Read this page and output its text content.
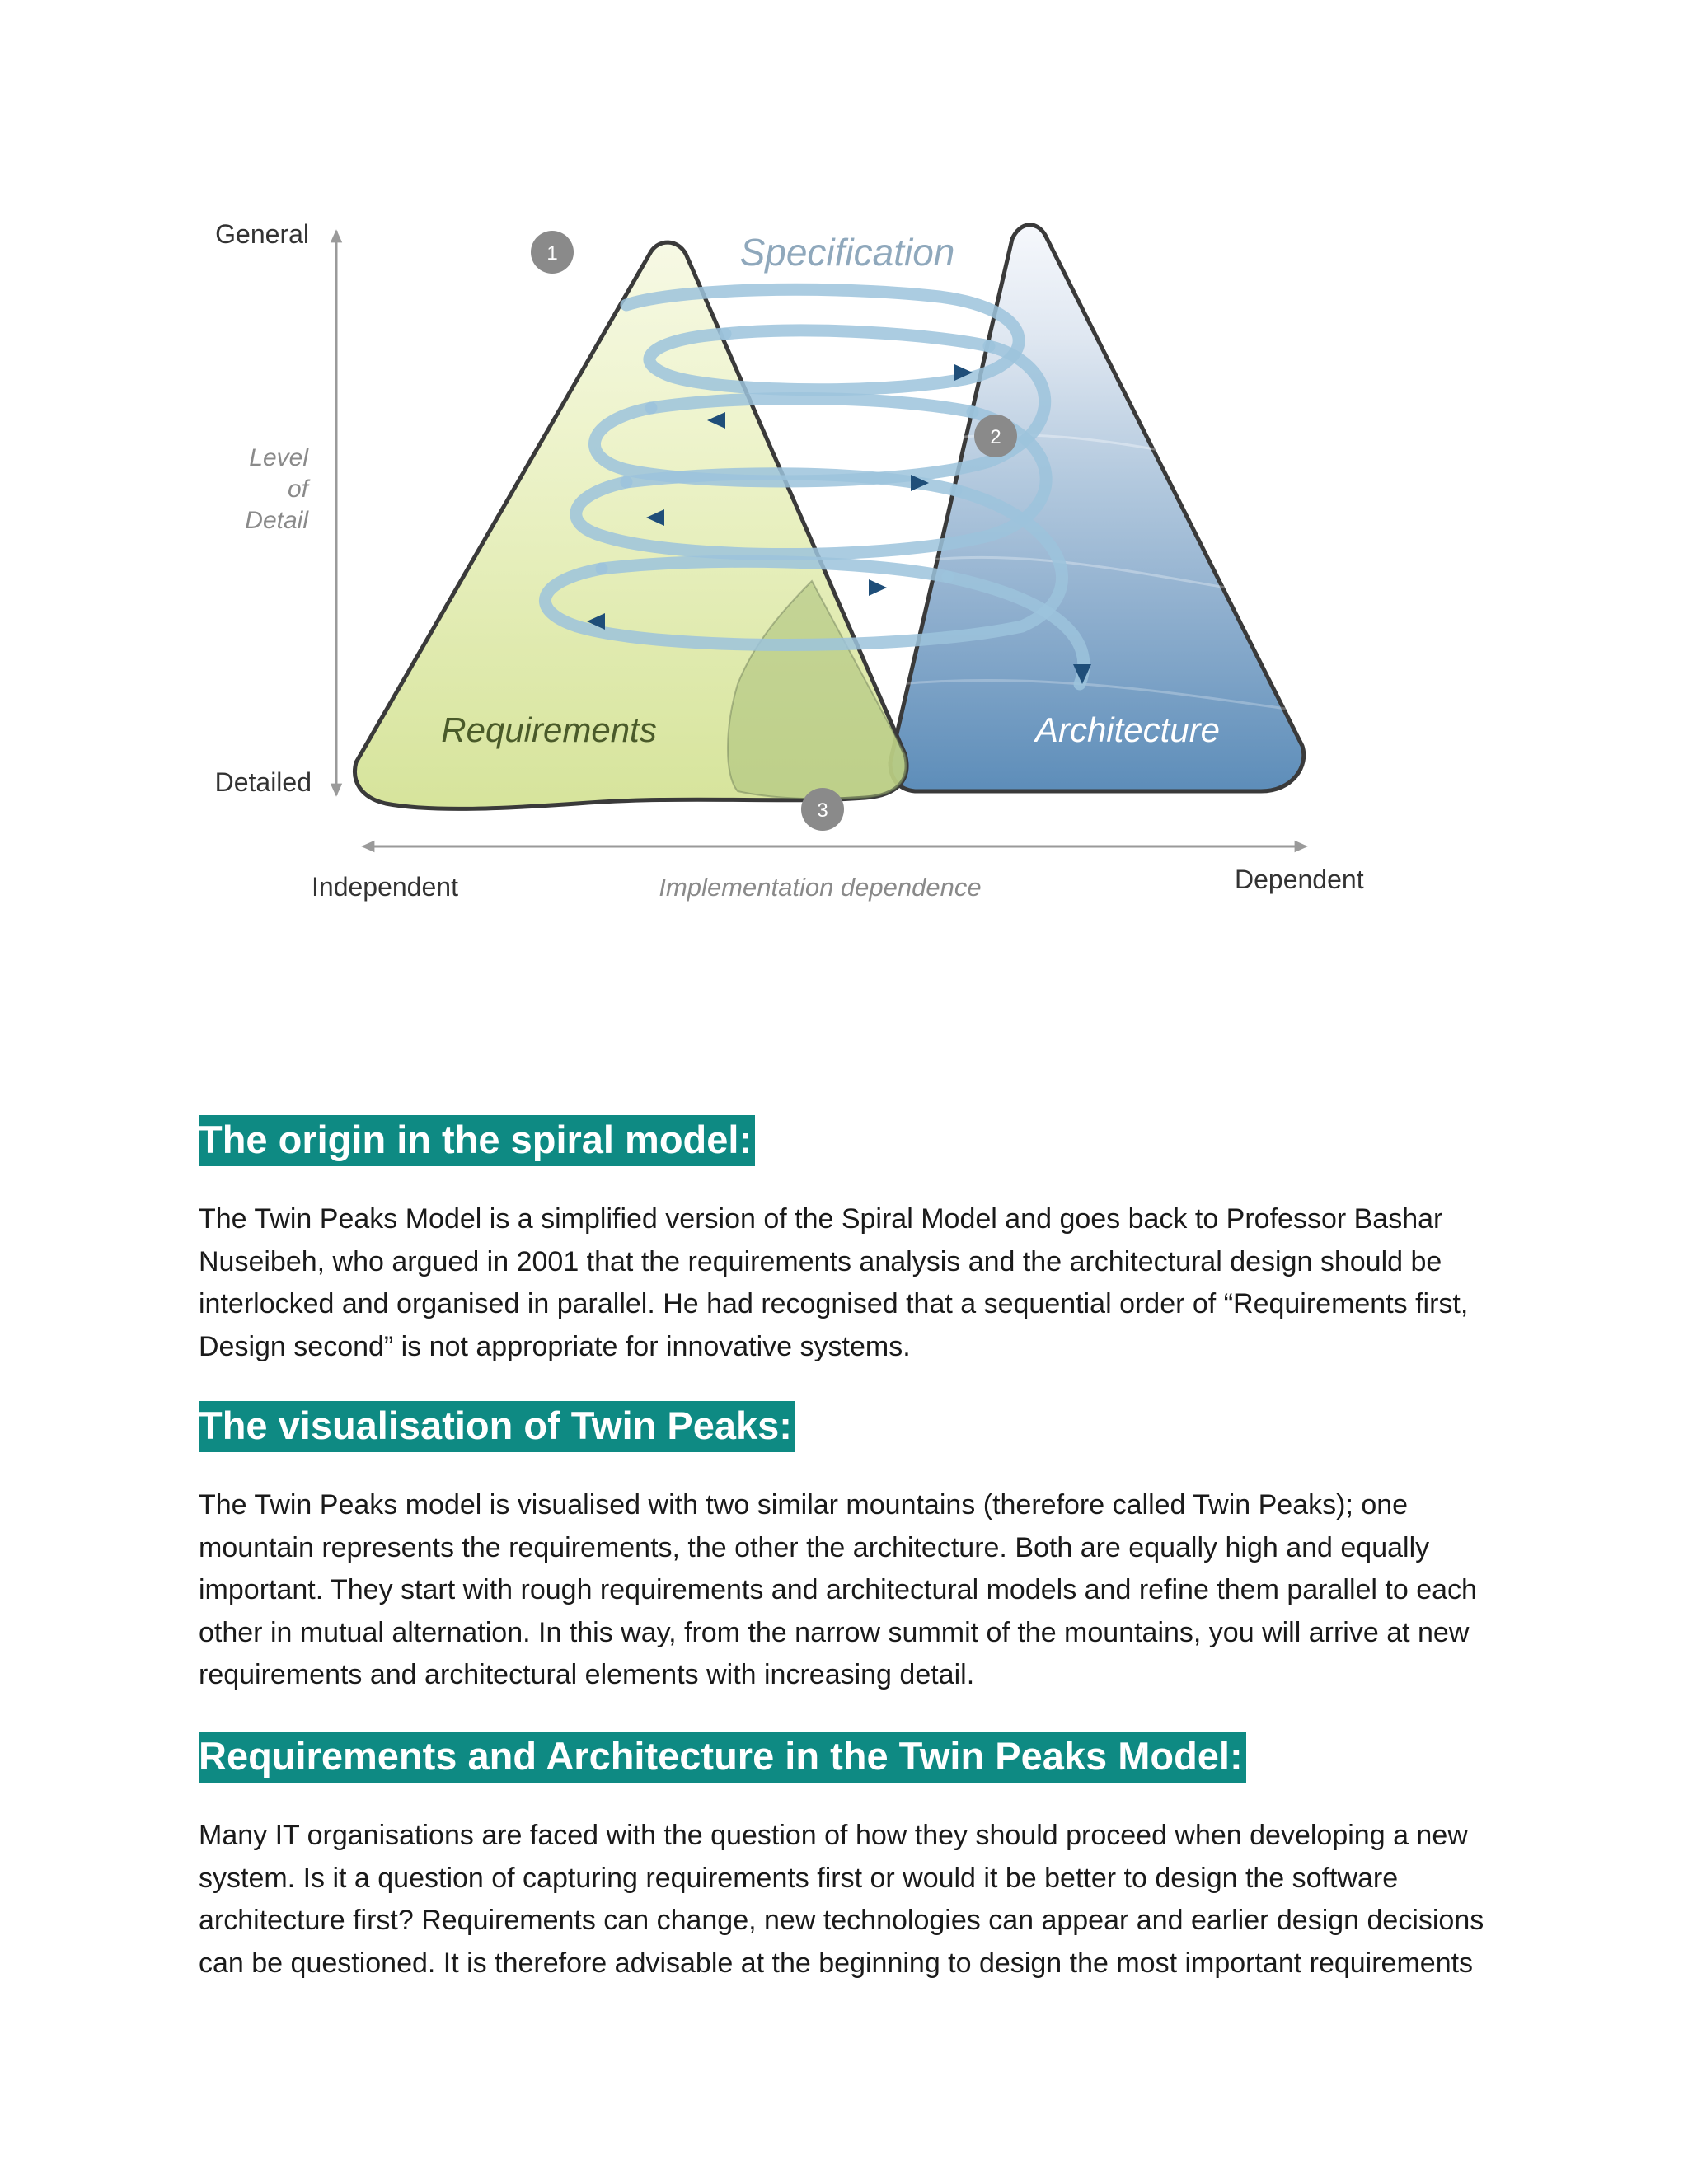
General
Detailed
Level
of
Detail
Independent	Dependent
Implementation dependence
Specification
Requirements	Architecture
1
2
3
The origin in the spiral model:

The Twin Peaks Model is a simplified version of the Spiral Model and goes back to Professor Bashar Nuseibeh, who argued in 2001 that the requirements analysis and the architectural design should be interlocked and organised in parallel. He had recognised that a sequential order of “Requirements first, Design second” is not appropriate for innovative systems.

The visualisation of Twin Peaks:

The Twin Peaks model is visualised with two similar mountains (therefore called Twin Peaks); one mountain represents the requirements, the other the architecture. Both are equally high and equally important. They start with rough requirements and architectural models and refine them parallel to each other in mutual alternation. In this way, from the narrow summit of the mountains, you will arrive at new requirements and architectural elements with increasing detail.

Requirements and Architecture in the Twin Peaks Model:

Many IT organisations are faced with the question of how they should proceed when developing a new system. Is it a question of capturing requirements first or would it be better to design the software architecture first? Requirements can change, new technologies can appear and earlier design decisions can be questioned. It is therefore advisable at the beginning to design the most important requirements
